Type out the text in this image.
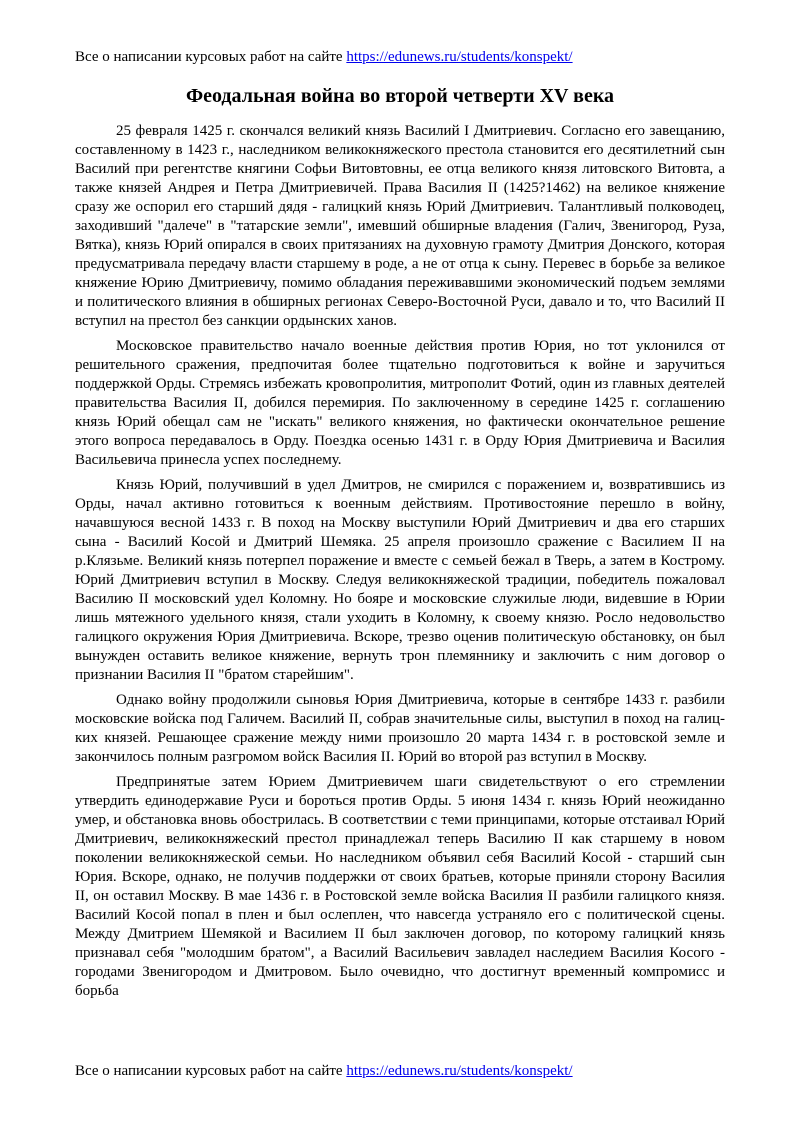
Все о написании курсовых работ на сайте https://edunews.ru/students/konspekt/
Феодальная война во второй четверти XV века

25 февраля 1425 г. скончался великий князь Василий I Дмитриевич. Согласно его завещанию, составленному в 1423 г., наследником великокняжеского престола становится его десятилетний сын Василий при регентстве княгини Софьи Витовтовны, ее отца великого князя литовского Витовта, а также князей Андрея и Петра Дмитриевичей. Права Василия II (1425?1462) на великое княжение сразу же оспорил его старший дядя - галицкий князь Юрий Дмитриевич. Талантливый полководец, заходивший "далече" в "татарские земли", имевший обширные владения (Галич, Звенигород, Руза, Вятка), князь Юрий опирался в своих притязаниях на духовную грамоту Дмитрия Донского, которая предусматривала передачу власти старшему в роде, а не от отца к сыну. Перевес в борьбе за великое княжение Юрию Дмитриевичу, помимо обладания переживавшими экономический подъем землями и политического влияния в обширных регионах Северо-Восточной Руси, давало и то, что Василий II вступил на престол без санкции ордынских ханов.

Московское правительство начало военные действия против Юрия, но тот уклонился от решительного сражения, предпочитая более тщательно подготовиться к войне и заручиться поддержкой Орды. Стремясь избежать кровопролития, митрополит Фотий, один из главных деятелей правительства Василия II, добился перемирия. По заключенному в середине 1425 г. соглашению князь Юрий обещал сам не "искать" великого княжения, но фактически окончательное решение этого вопроса передавалось в Орду. Поездка осенью 1431 г. в Орду Юрия Дмитриевича и Василия Васильевича принесла успех последнему.

Князь Юрий, получивший в удел Дмитров, не смирился с поражением и, возвратившись из Орды, начал активно готовиться к военным действиям. Противостояние перешло в войну, начавшуюся весной 1433 г. В поход на Москву выступили Юрий Дмитриевич и два его старших сына - Василий Косой и Дмитрий Шемяка. 25 апреля произошло сражение с Василием II на р.Клязьме. Великий князь потерпел поражение и вместе с семьей бежал в Тверь, а затем в Кострому. Юрий Дмитриевич вступил в Москву. Следуя великокняжеской традиции, победитель пожаловал Василию II московский удел Коломну. Но бояре и московские служилые люди, видевшие в Юрии лишь мятежного удельного князя, стали уходить в Коломну, к своему князю. Росло недовольство галицкого окружения Юрия Дмитриевича. Вскоре, трезво оценив политическую обстановку, он был вынужден оставить великое княжение, вернуть трон племяннику и заключить с ним договор о признании Василия II "братом старейшим".

Однако войну продолжили сыновья Юрия Дмитриевича, которые в сентябре 1433 г. разбили московские войска под Галичем. Василий II, собрав значительные силы, выступил в поход на галиц-ких князей. Решающее сражение между ними произошло 20 марта 1434 г. в ростовской земле и закончилось полным разгромом войск Василия II. Юрий во второй раз вступил в Москву.

Предпринятые затем Юрием Дмитриевичем шаги свидетельствуют о его стремлении утвердить единодержавие Руси и бороться против Орды. 5 июня 1434 г. князь Юрий неожиданно умер, и обстановка вновь обострилась. В соответствии с теми принципами, которые отстаивал Юрий Дмитриевич, великокняжеский престол принадлежал теперь Василию II как старшему в новом поколении великокняжеской семьи. Но наследником объявил себя Василий Косой - старший сын Юрия. Вскоре, однако, не получив поддержки от своих братьев, которые приняли сторону Василия II, он оставил Москву. В мае 1436 г. в Ростовской земле войска Василия II разбили галицкого князя. Василий Косой попал в плен и был ослеплен, что навсегда устраняло его с политической сцены. Между Дмитрием Шемякой и Василием II был заключен договор, по которому галицкий князь признавал себя "молодшим братом", а Василий Васильевич завладел наследием Василия Косого - городами Звенигородом и Дмитровом. Было очевидно, что достигнут временный компромисс и борьба

Все о написании курсовых работ на сайте https://edunews.ru/students/konspekt/
